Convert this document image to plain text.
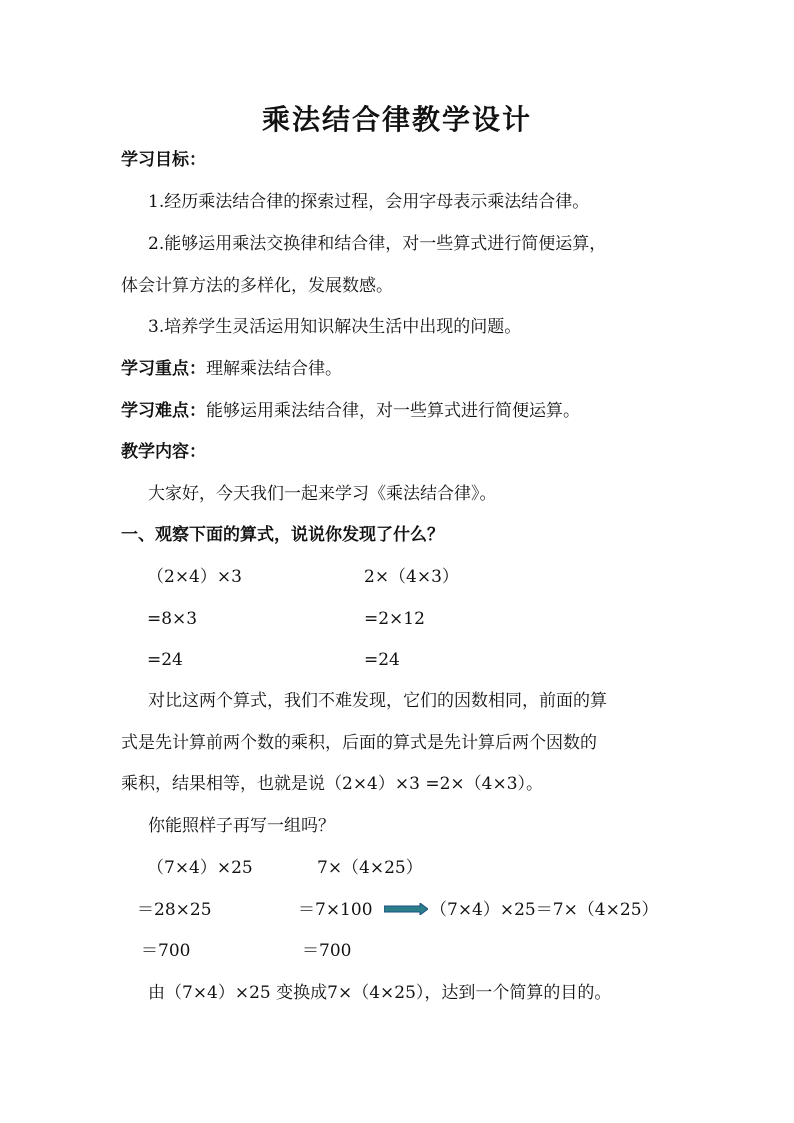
乘法结合律教学设计
学习目标：
1.经历乘法结合律的探索过程，会用字母表示乘法结合律。
2.能够运用乘法交换律和结合律，对一些算式进行简便运算，
体会计算方法的多样化，发展数感。
3.培养学生灵活运用知识解决生活中出现的问题。
学习重点：理解乘法结合律。
学习难点：能够运用乘法结合律，对一些算式进行简便运算。
教学内容：
大家好，今天我们一起来学习《乘法结合律》。
一、观察下面的算式，说说你发现了什么？
（2×4）×3	2×（4×3）
=8×3	=2×12
=24	=24
对比这两个算式，我们不难发现，它们的因数相同，前面的算
式是先计算前两个数的乘积，后面的算式是先计算后两个因数的
乘积，结果相等，也就是说（2×4）×3 =2×（4×3）。
你能照样子再写一组吗？
（7×4）×25	7×（4×25）
＝28×25	＝7×100	（7×4）×25＝7×（4×25）
＝700	＝700
由（7×4）×25 变换成7×（4×25），达到一个简算的目的。
